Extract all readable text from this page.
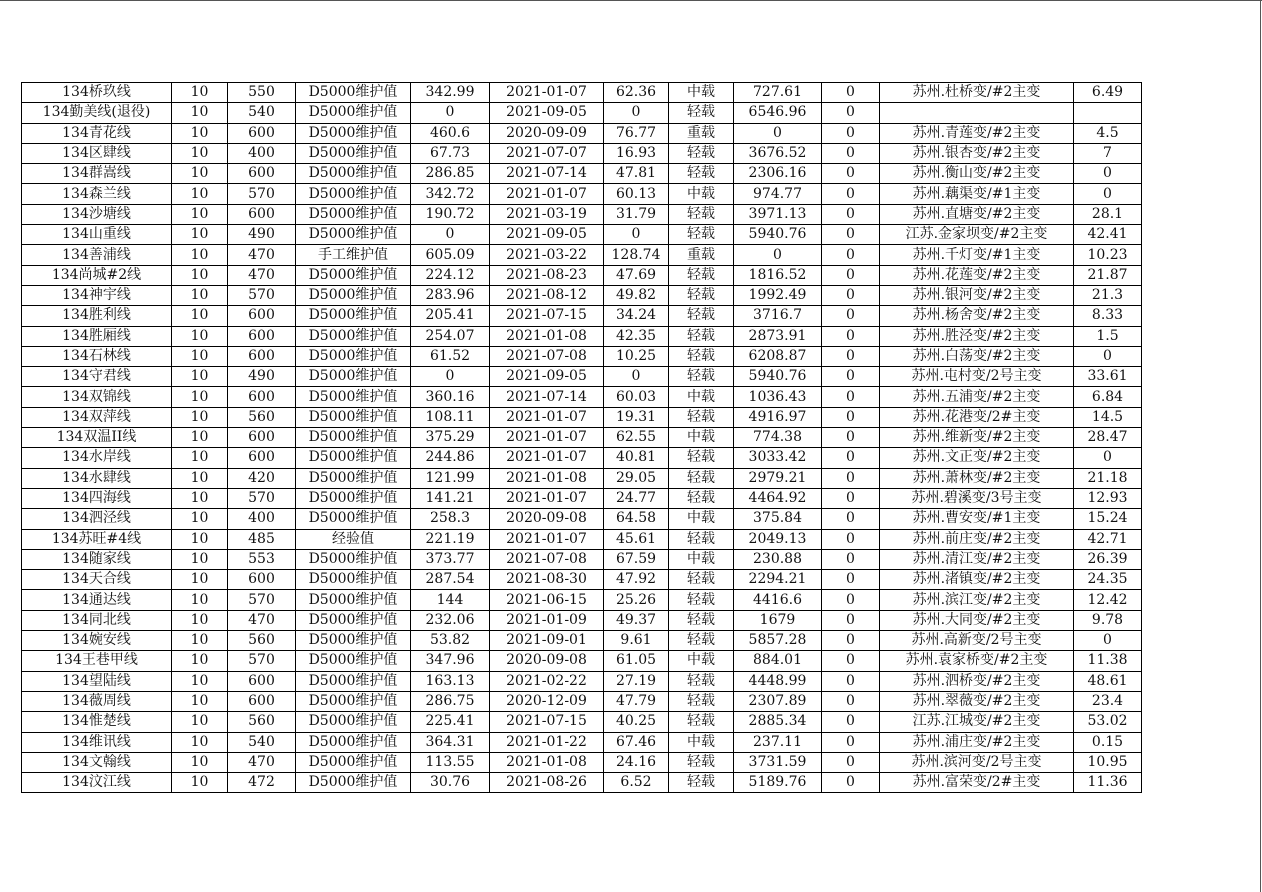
134桥玖线	10	550	D5000维护值	342.99	2021-01-07	62.36	中载	727.61	0	苏州.杜桥变/#2主变	6.49
134勤美线(退役)	10	540	D5000维护值	0	2021-09-05	0	轻载	6546.96	0		
134青花线	10	600	D5000维护值	460.6	2020-09-09	76.77	重载	0	0	苏州.青莲变/#2主变	4.5
134区肆线	10	400	D5000维护值	67.73	2021-07-07	16.93	轻载	3676.52	0	苏州.银杏变/#2主变	7
134群嵩线	10	600	D5000维护值	286.85	2021-07-14	47.81	轻载	2306.16	0	苏州.衡山变/#2主变	0
134森兰线	10	570	D5000维护值	342.72	2021-01-07	60.13	中载	974.77	0	苏州.藕渠变/#1主变	0
134沙塘线	10	600	D5000维护值	190.72	2021-03-19	31.79	轻载	3971.13	0	苏州.直塘变/#2主变	28.1
134山重线	10	490	D5000维护值	0	2021-09-05	0	轻载	5940.76	0	江苏.金家坝变/#2主变	42.41
134善浦线	10	470	手工维护值	605.09	2021-03-22	128.74	重载	0	0	苏州.千灯变/#1主变	10.23
134尚城#2线	10	470	D5000维护值	224.12	2021-08-23	47.69	轻载	1816.52	0	苏州.花莲变/#2主变	21.87
134神宇线	10	570	D5000维护值	283.96	2021-08-12	49.82	轻载	1992.49	0	苏州.银河变/#2主变	21.3
134胜利线	10	600	D5000维护值	205.41	2021-07-15	34.24	轻载	3716.7	0	苏州.杨舍变/#2主变	8.33
134胜厢线	10	600	D5000维护值	254.07	2021-01-08	42.35	轻载	2873.91	0	苏州.胜泾变/#2主变	1.5
134石林线	10	600	D5000维护值	61.52	2021-07-08	10.25	轻载	6208.87	0	苏州.白荡变/#2主变	0
134守君线	10	490	D5000维护值	0	2021-09-05	0	轻载	5940.76	0	苏州.屯村变/2号主变	33.61
134双锦线	10	600	D5000维护值	360.16	2021-07-14	60.03	中载	1036.43	0	苏州.五浦变/#2主变	6.84
134双萍线	10	560	D5000维护值	108.11	2021-01-07	19.31	轻载	4916.97	0	苏州.花港变/2#主变	14.5
134双温II线	10	600	D5000维护值	375.29	2021-01-07	62.55	中载	774.38	0	苏州.维新变/#2主变	28.47
134水岸线	10	600	D5000维护值	244.86	2021-01-07	40.81	轻载	3033.42	0	苏州.文正变/#2主变	0
134水肆线	10	420	D5000维护值	121.99	2021-01-08	29.05	轻载	2979.21	0	苏州.萧林变/#2主变	21.18
134四海线	10	570	D5000维护值	141.21	2021-01-07	24.77	轻载	4464.92	0	苏州.碧溪变/3号主变	12.93
134泗泾线	10	400	D5000维护值	258.3	2020-09-08	64.58	中载	375.84	0	苏州.曹安变/#1主变	15.24
134苏旺#4线	10	485	经验值	221.19	2021-01-07	45.61	轻载	2049.13	0	苏州.前庄变/#2主变	42.71
134随家线	10	553	D5000维护值	373.77	2021-07-08	67.59	中载	230.88	0	苏州.清江变/#2主变	26.39
134天合线	10	600	D5000维护值	287.54	2021-08-30	47.92	轻载	2294.21	0	苏州.渚镇变/#2主变	24.35
134通达线	10	570	D5000维护值	144	2021-06-15	25.26	轻载	4416.6	0	苏州.滨江变/#2主变	12.42
134同北线	10	470	D5000维护值	232.06	2021-01-09	49.37	轻载	1679	0	苏州.大同变/#2主变	9.78
134婉安线	10	560	D5000维护值	53.82	2021-09-01	9.61	轻载	5857.28	0	苏州.高新变/2号主变	0
134王巷甲线	10	570	D5000维护值	347.96	2020-09-08	61.05	中载	884.01	0	苏州.袁家桥变/#2主变	11.38
134望陆线	10	600	D5000维护值	163.13	2021-02-22	27.19	轻载	4448.99	0	苏州.泗桥变/#2主变	48.61
134薇周线	10	600	D5000维护值	286.75	2020-12-09	47.79	轻载	2307.89	0	苏州.翠薇变/#2主变	23.4
134惟楚线	10	560	D5000维护值	225.41	2021-07-15	40.25	轻载	2885.34	0	江苏.江城变/#2主变	53.02
134维讯线	10	540	D5000维护值	364.31	2021-01-22	67.46	中载	237.11	0	苏州.浦庄变/#2主变	0.15
134文翰线	10	470	D5000维护值	113.55	2021-01-08	24.16	轻载	3731.59	0	苏州.滨河变/2号主变	10.95
134汶江线	10	472	D5000维护值	30.76	2021-08-26	6.52	轻载	5189.76	0	苏州.富荣变/2#主变	11.36
